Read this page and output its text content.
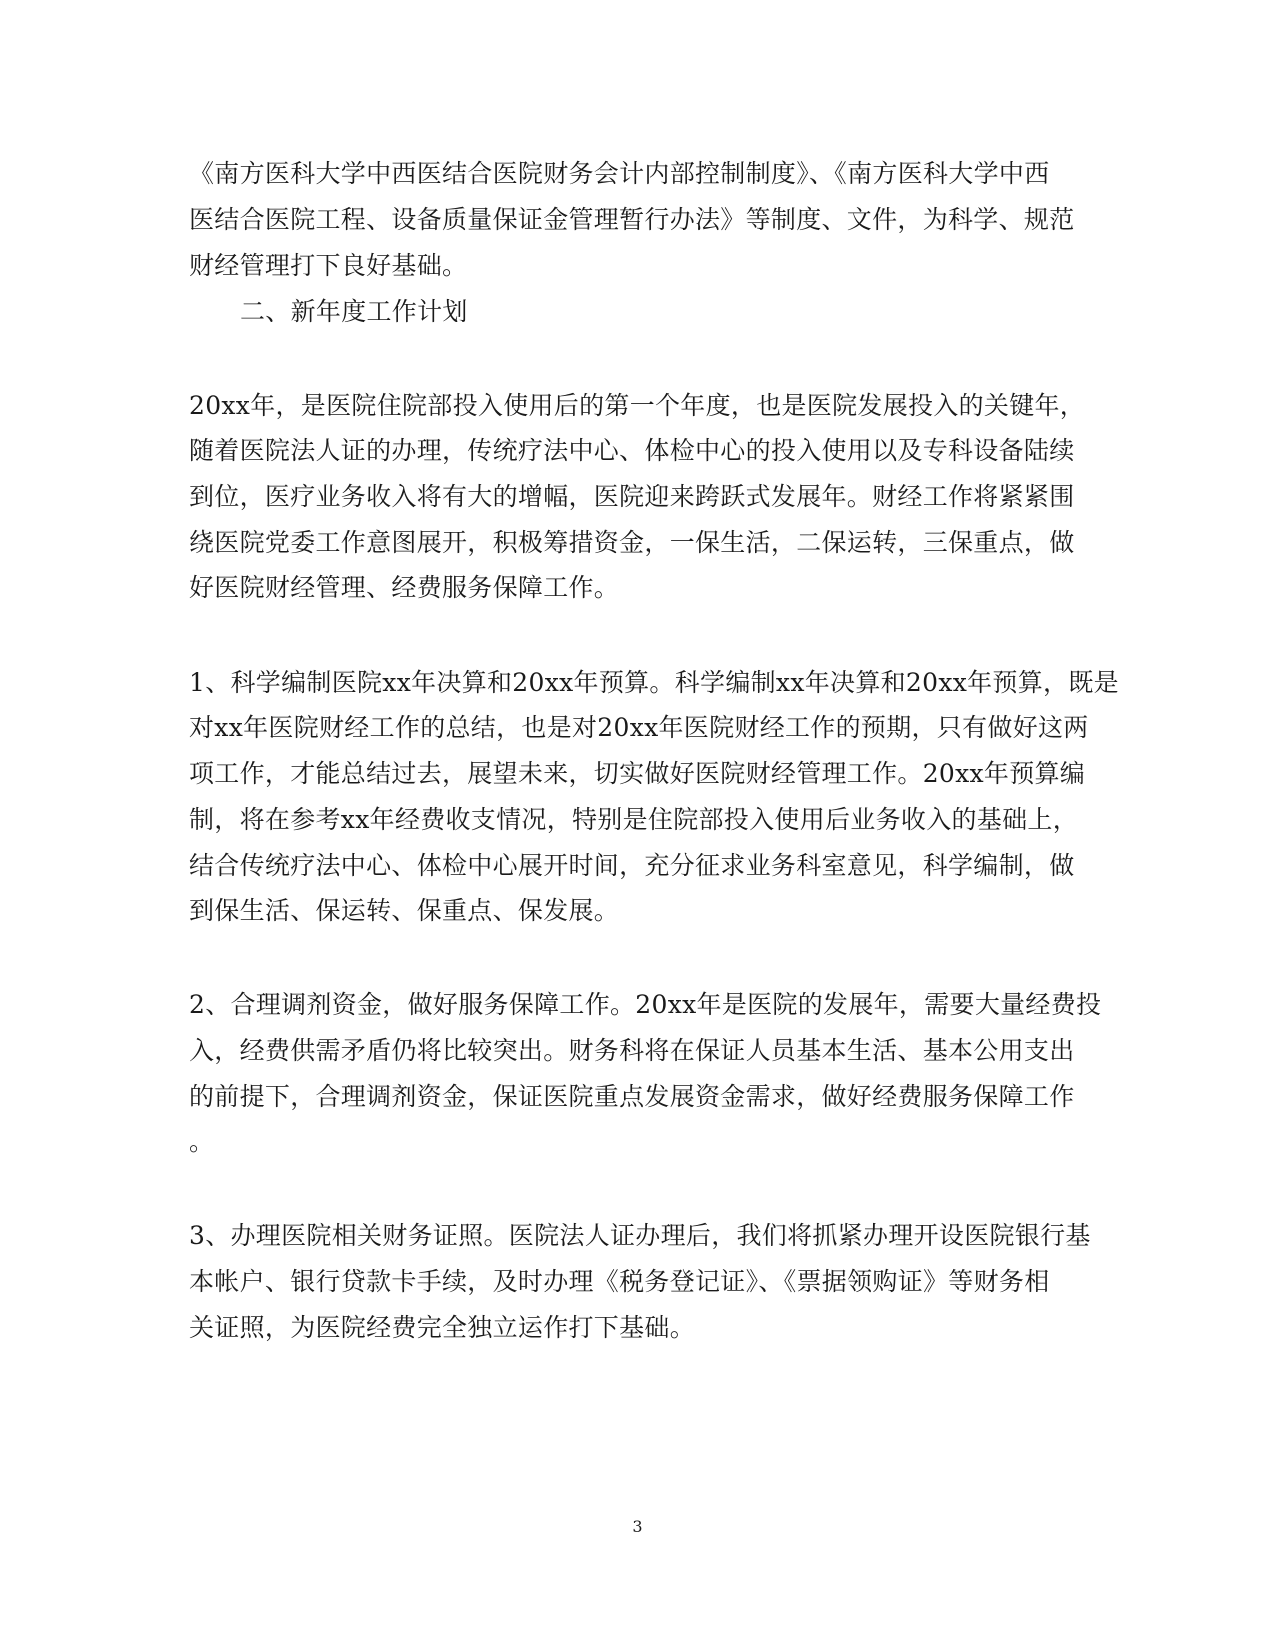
《南方医科大学中西医结合医院财务会计内部控制制度》、《南方医科大学中西
医结合医院工程、设备质量保证金管理暂行办法》等制度、文件，为科学、规范
财经管理打下良好基础。
二、新年度工作计划
20xx年，是医院住院部投入使用后的第一个年度，也是医院发展投入的关键年，
随着医院法人证的办理，传统疗法中心、体检中心的投入使用以及专科设备陆续
到位，医疗业务收入将有大的增幅，医院迎来跨跃式发展年。财经工作将紧紧围
绕医院党委工作意图展开，积极筹措资金，一保生活，二保运转，三保重点，做
好医院财经管理、经费服务保障工作。
1、科学编制医院xx年决算和20xx年预算。科学编制xx年决算和20xx年预算，既是
对xx年医院财经工作的总结，也是对20xx年医院财经工作的预期，只有做好这两
项工作，才能总结过去，展望未来，切实做好医院财经管理工作。20xx年预算编
制，将在参考xx年经费收支情况，特别是住院部投入使用后业务收入的基础上，
结合传统疗法中心、体检中心展开时间，充分征求业务科室意见，科学编制，做
到保生活、保运转、保重点、保发展。
2、合理调剂资金，做好服务保障工作。20xx年是医院的发展年，需要大量经费投
入，经费供需矛盾仍将比较突出。财务科将在保证人员基本生活、基本公用支出
的前提下，合理调剂资金，保证医院重点发展资金需求，做好经费服务保障工作
。
3、办理医院相关财务证照。医院法人证办理后，我们将抓紧办理开设医院银行基
本帐户、银行贷款卡手续，及时办理《税务登记证》、《票据领购证》等财务相
关证照，为医院经费完全独立运作打下基础。
3
